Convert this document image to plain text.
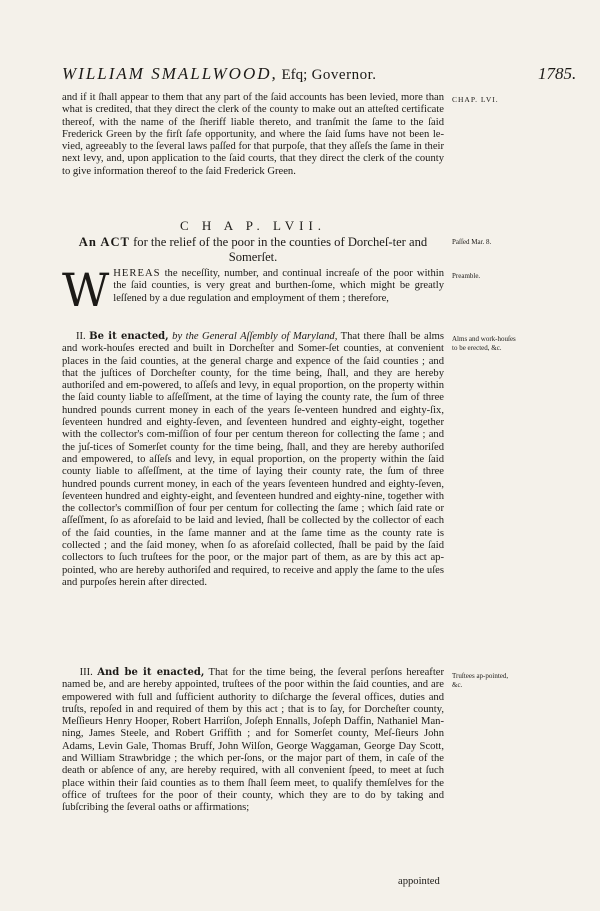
WILLIAM SMALLWOOD, Efq; Governor.	1785.
and if it ſhall appear to them that any part of the ſaid accounts has been levied, more than what is credited, that they direct the clerk of the county to make out an atteſted certificate thereof, with the name of the ſheriff liable thereto, and tranſmit the ſame to the ſaid Frederick Green by the firſt ſafe opportunity, and where the ſaid ſums have not been le-vied, agreeably to the ſeveral laws paſſed for that purpoſe, that they aſſeſs the ſame in their next levy, and, upon application to the ſaid courts, that they direct the clerk of the county to give information thereof to the ſaid Frederick Green.
CHAP. LVI.
C H A P. LVII.
An ACT for the relief of the poor in the counties of Dorcheſ-ter and Somerſet.
Paſſed Mar. 8.
W HEREAS the neceſſity, number, and continual increaſe of the poor within the ſaid counties, is very great and burthen-ſome, which might be greatly leſſened by a due regulation and employment of them ; therefore,
Preamble.
II. Be it enacted, by the General Aſſembly of Maryland, That there ſhall be alms and work-houſes erected and built in Dorcheſter and Somer-ſet counties, at convenient places in the ſaid counties, at the general charge and expence of the ſaid counties ; and that the juſtices of Dorcheſter county, for the time being, ſhall, and they are hereby authoriſed and em-powered, to aſſeſs and levy, in equal proportion, on the property within the ſaid county liable to aſſeſſment, at the time of laying the county rate, the ſum of three hundred pounds current money in each of the years ſe-venteen hundred and eighty-ſix, ſeventeen hundred and eighty-ſeven, and ſeventeen hundred and eighty-eight, together with the collector's com-miſſion of four per centum thereon for collecting the ſame ; and the juſ-tices of Somerſet county for the time being, ſhall, and they are hereby authoriſed and empowered, to aſſeſs and levy, in equal proportion, on the property within the ſaid county liable to aſſeſſment, at the time of laying their county rate, the ſum of three hundred pounds current money, in each of the years ſeventeen hundred and eighty-ſeven, ſeventeen hundred and eighty-eight, and ſeventeen hundred and eighty-nine, together with the collector's commiſſion of four per centum for collecting the ſame ; which ſaid rate or aſſeſſment, ſo as aforeſaid to be laid and levied, ſhall be collected by the collector of each of the ſaid counties, in the ſame manner and at the ſame time as the county rate is collected ; and the ſaid money, when ſo as aforeſaid collected, ſhall be paid by the ſaid collectors to ſuch truſtees for the poor, or the major part of them, as are by this act ap-pointed, who are hereby authoriſed and required, to receive and apply the ſame to the uſes and purpoſes herein after directed.
Alms and work-houſes to be erected, &c.
III. And be it enacted, That for the time being, the ſeveral perſons hereafter named be, and are hereby appointed, truſtees of the poor within the ſaid counties, and are empowered with full and ſufficient authority to diſcharge the ſeveral offices, duties and truſts, repoſed in and required of them by this act ; that is to ſay, for Dorcheſter county, Meſſieurs Henry Hooper, Robert Harriſon, Joſeph Ennalls, Joſeph Daffin, Nathaniel Man-ning, James Steele, and Robert Griffith ; and for Somerſet county, Meſ-ſieurs John Adams, Levin Gale, Thomas Bruff, John Wilſon, George Waggaman, George Day Scott, and William Strawbridge ; the which per-ſons, or the major part of them, in caſe of the death or abſence of any, are hereby required, with all convenient ſpeed, to meet at ſuch place within their ſaid counties as to them ſhall ſeem meet, to qualify themſelves for the office of truſtees for the poor of their county, which they are to do by taking and ſubſcribing the ſeveral oaths or affirmations;
Truſtees ap-pointed, &c.
appointed
